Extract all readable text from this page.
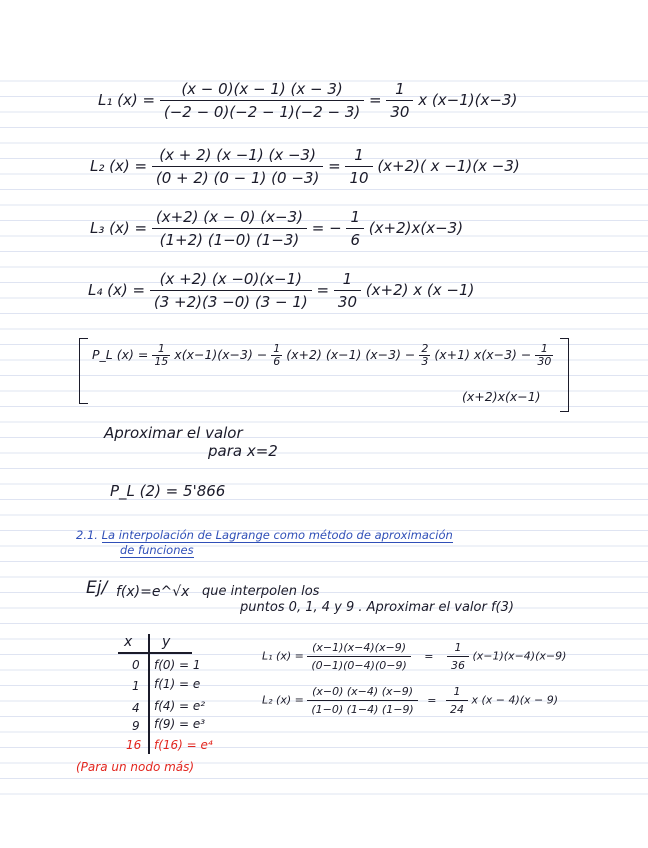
L₁ $(x) = \frac{(x - 0)(x - 1) (x - 3)}{(-2 - 0)(-2 - 1)(-2 - 3)} = \frac{1}{30}$ x (x−1)(x−3)
L₂ $(x) = \frac{(x + 2) (x -1) (x -3)}{(0 + 2) (0 - 1) (0 -3)} = \frac{1}{10} (x+2)$( x −1)(x −3)
L₃ $(x) = \frac{(x+2) (x - 0) (x-3)}{(1+2) (1-0) (1-3)}$ = − $\frac{1}{6} (x+2)x(x-3)$
L₄ $(x) = \frac{(x +2) (x -0)(x-1)}{(3 +2)(3 -0) (3 - 1)} = \frac{1}{30} (x+2)$ x (x −1)
P_L $(x) = \frac{1}{15} x(x-1)(x-3) - \frac{1}{6} (x+2)$ (x−1) $(x-3) - \frac{2}{3} (x+1) x(x-3) - \frac{1}{30}$
(x+2)x(x−1)
Aproximar el valor
para x=2
P_L (2) = 5'866
2.1. La interpolación de Lagrange como método de aproximación
de funciones
Ej/ f(x)=e^√x que interpolen los
puntos 0, 1, 4 y 9 . Aproximar el valor f(3)
x y
0 f(0) = 1
1 f(1) = e
4 f(4) = e²
9 f(9) = e³
16 f(16) = e⁴
(Para un nodo más)
L₁ $(x) = \frac{(x-1)(x-4)(x-9)}{(0-1)(0-4)(0-9)} = \frac{1}{36} (x-1)(x-4)(x-9)$
L₂ $(x) = \frac{(x-0) (x-4) (x-9)}{(1-0) (1-4) (1-9)} = \frac{1}{24}$ x (x − 4)(x − 9)
